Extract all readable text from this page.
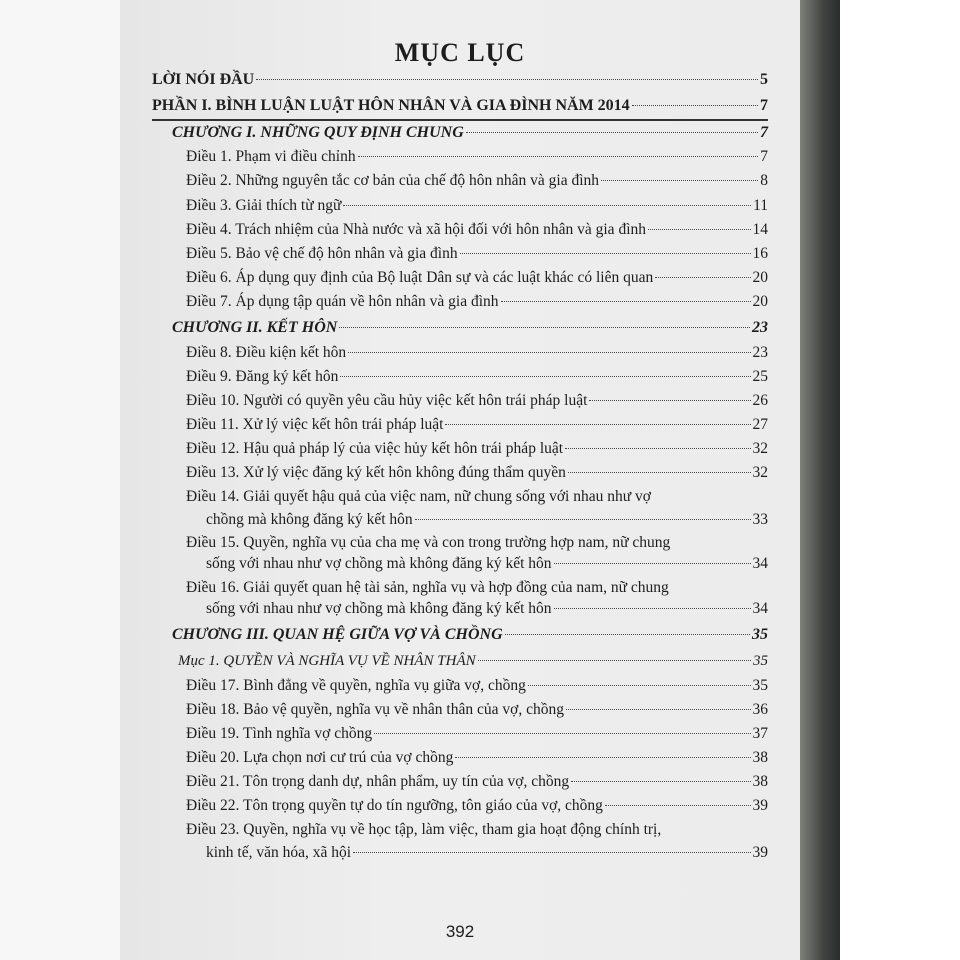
MỤC LỤC
LỜI NÓI ĐẦU	5
PHẦN I. BÌNH LUẬN LUẬT HÔN NHÂN VÀ GIA ĐÌNH NĂM 2014	7
CHƯƠNG I. NHỮNG QUY ĐỊNH CHUNG	7
Điều 1. Phạm vi điều chỉnh	7
Điều 2. Những nguyên tắc cơ bản của chế độ hôn nhân và gia đình	8
Điều 3. Giải thích từ ngữ	11
Điều 4. Trách nhiệm của Nhà nước và xã hội đối với hôn nhân và gia đình	14
Điều 5. Bảo vệ chế độ hôn nhân và gia đình	16
Điều 6. Áp dụng quy định của Bộ luật Dân sự và các luật khác có liên quan	20
Điều 7. Áp dụng tập quán về hôn nhân và gia đình	20
CHƯƠNG II. KẾT HÔN	23
Điều 8. Điều kiện kết hôn	23
Điều 9. Đăng ký kết hôn	25
Điều 10. Người có quyền yêu cầu hủy việc kết hôn trái pháp luật	26
Điều 11. Xử lý việc kết hôn trái pháp luật	27
Điều 12. Hậu quả pháp lý của việc hủy kết hôn trái pháp luật	32
Điều 13. Xử lý việc đăng ký kết hôn không đúng thẩm quyền	32
Điều 14. Giải quyết hậu quả của việc nam, nữ chung sống với nhau như vợ
chồng mà không đăng ký kết hôn	33
Điều 15. Quyền, nghĩa vụ của cha mẹ và con trong trường hợp nam, nữ chung
sống với nhau như vợ chồng mà không đăng ký kết hôn	34
Điều 16. Giải quyết quan hệ tài sản, nghĩa vụ và hợp đồng của nam, nữ chung
sống với nhau như vợ chồng mà không đăng ký kết hôn	34
CHƯƠNG III. QUAN HỆ GIỮA VỢ VÀ CHỒNG	35
Mục 1. QUYỀN VÀ NGHĨA VỤ VỀ NHÂN THÂN	35
Điều 17. Bình đẳng về quyền, nghĩa vụ giữa vợ, chồng	35
Điều 18. Bảo vệ quyền, nghĩa vụ về nhân thân của vợ, chồng	36
Điều 19. Tình nghĩa vợ chồng	37
Điều 20. Lựa chọn nơi cư trú của vợ chồng	38
Điều 21. Tôn trọng danh dự, nhân phẩm, uy tín của vợ, chồng	38
Điều 22. Tôn trọng quyền tự do tín ngưỡng, tôn giáo của vợ, chồng	39
Điều 23. Quyền, nghĩa vụ về học tập, làm việc, tham gia hoạt động chính trị,
kinh tế, văn hóa, xã hội	39
392
